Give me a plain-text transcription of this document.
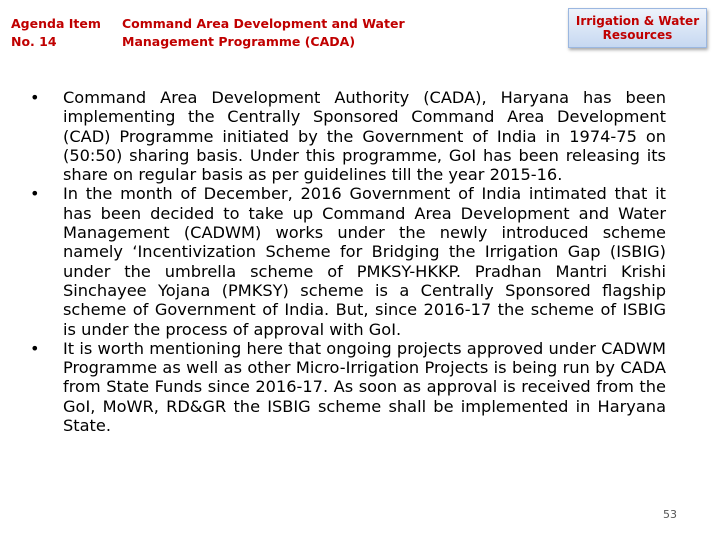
Agenda Item
No. 14
Command Area Development and Water
Management Programme (CADA)
Irrigation & Water
Resources
•	Command Area Development Authority (CADA), Haryana has been implementing the Centrally Sponsored Command Area Development (CAD) Programme initiated by the Government of India in 1974-75 on (50:50) sharing basis. Under this programme, GoI has been releasing its share on regular basis as per guidelines till the year 2015-16.
•	In the month of December, 2016 Government of India intimated that it has been decided to take up Command Area Development and Water Management (CADWM) works under the newly introduced scheme namely ‘Incentivization Scheme for Bridging the Irrigation Gap (ISBIG) under the umbrella scheme of PMKSY-HKKP. Pradhan Mantri Krishi Sinchayee Yojana (PMKSY) scheme is a Centrally Sponsored flagship scheme of Government of India. But, since 2016-17 the scheme of ISBIG is under the process of approval with GoI.
•	It is worth mentioning here that ongoing projects approved under CADWM Programme as well as other Micro-Irrigation Projects is being run by CADA from State Funds since 2016-17. As soon as approval is received from the GoI, MoWR, RD&GR the ISBIG scheme shall be implemented in Haryana State.
53
